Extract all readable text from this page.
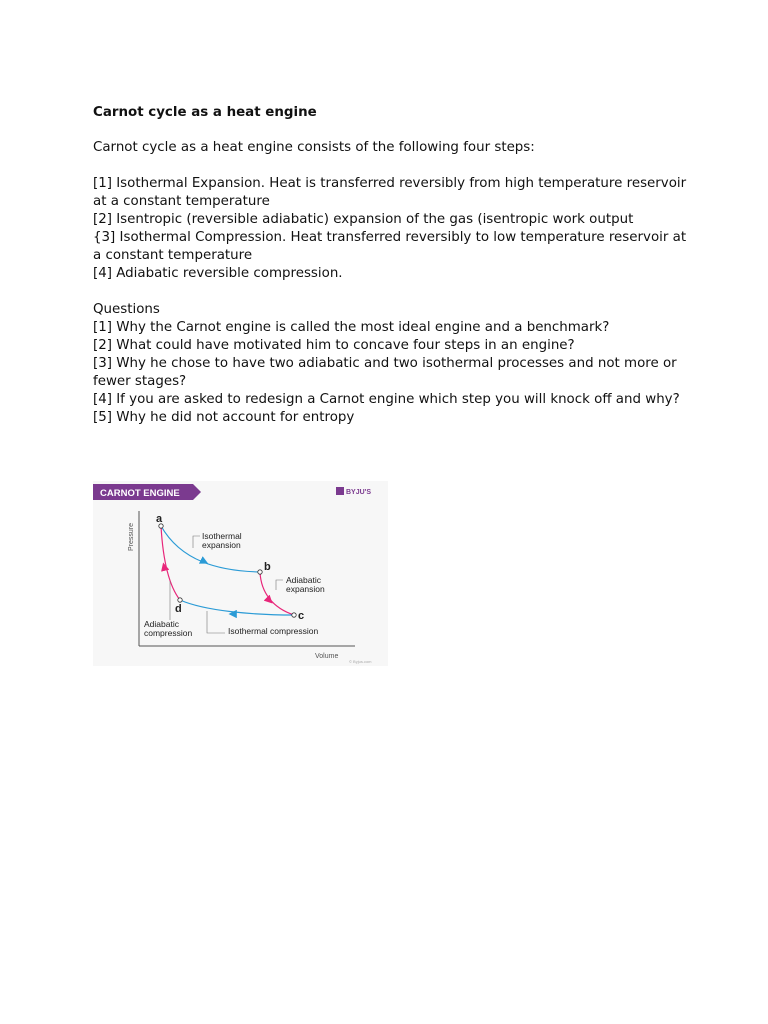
Carnot cycle as a heat engine

Carnot cycle as a heat engine consists of the following four steps:

[1] Isothermal Expansion. Heat is transferred reversibly from high temperature reservoir at a constant temperature

[2] Isentropic (reversible adiabatic) expansion of the gas (isentropic work output

{3] Isothermal Compression. Heat transferred reversibly to low temperature reservoir at a constant temperature

[4] Adiabatic reversible compression.

Questions

[1] Why the Carnot engine is called the most ideal engine and a benchmark?

[2] What could have motivated him to concave four steps in an engine?

[3] Why he chose to have two adiabatic and two isothermal processes and not more or fewer stages?

[4] If you are asked to redesign a Carnot engine which step you will knock off and why?

[5] Why he did not account for entropy

CARNOT ENGINE	BYJU'S
Pressure
Volume
a
b
c
d
Isothermal
expansion
Adiabatic
expansion
Adiabatic
compression	Isothermal compression
© Byjus.com
